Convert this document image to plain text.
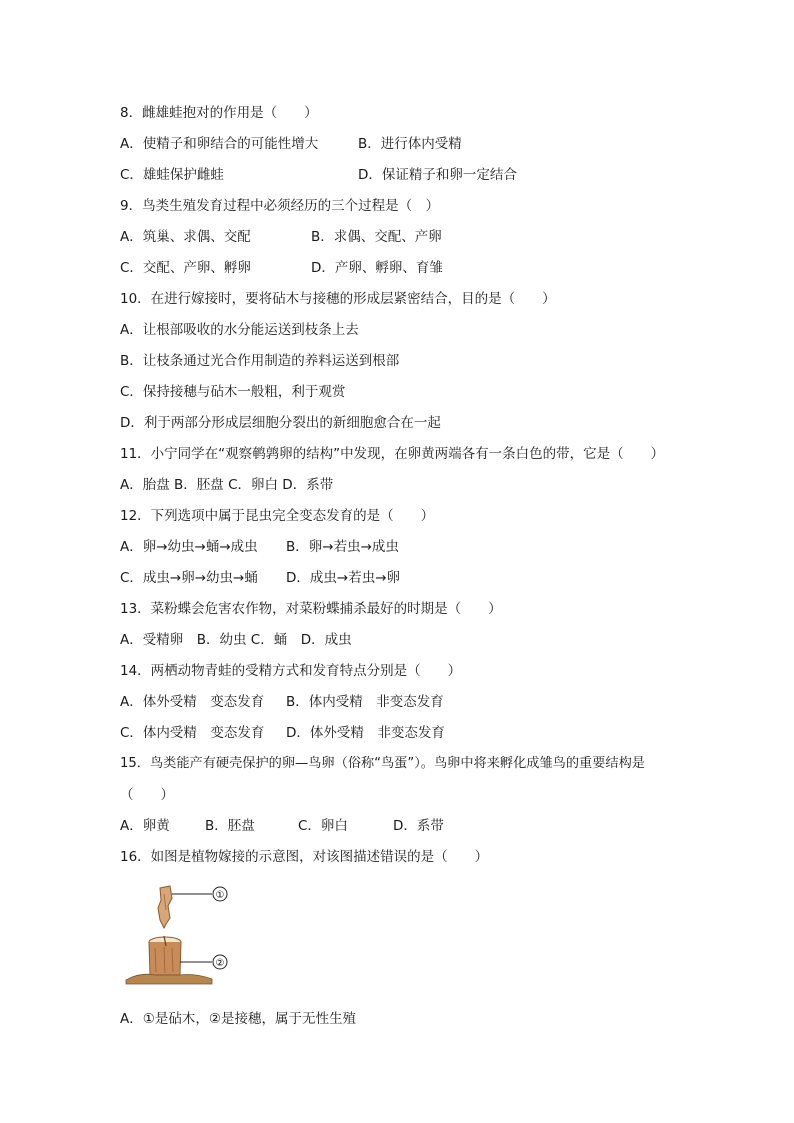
8．雌雄蛙抱对的作用是（　　）
A．使精子和卵结合的可能性增大	B．进行体内受精
C．雄蛙保护雌蛙	D．保证精子和卵一定结合
9．鸟类生殖发育过程中必须经历的三个过程是（　）
A．筑巢、求偶、交配	B．求偶、交配、产卵
C．交配、产卵、孵卵	D．产卵、孵卵、育雏
10．在进行嫁接时，要将砧木与接穗的形成层紧密结合，目的是（　　）
A．让根部吸收的水分能运送到枝条上去
B．让枝条通过光合作用制造的养料运送到根部
C．保持接穗与砧木一般粗，利于观赏
D．利于两部分形成层细胞分裂出的新细胞愈合在一起
11．小宁同学在“观察鹌鹑卵的结构”中发现，在卵黄两端各有一条白色的带，它是（　　）
A．胎盘 B．胚盘 C．卵白 D．系带
12．下列选项中属于昆虫完全变态发育的是（　　）
A．卵→幼虫→蛹→成虫 B．卵→若虫→成虫
C．成虫→卵→幼虫→蛹 D．成虫→若虫→卵
13．菜粉蝶会危害农作物，对菜粉蝶捕杀最好的时期是（　　）
A．受精卵　B．幼虫 C．蛹　D．成虫
14．两栖动物青蛙的受精方式和发育特点分别是（　　）
A．体外受精　变态发育 B．体内受精　非变态发育
C．体内受精　变态发育 D．体外受精　非变态发育
15．鸟类能产有硬壳保护的卵—鸟卵（俗称“鸟蛋”）。鸟卵中将来孵化成雏鸟的重要结构是
（　　）
A．卵黄	B．胚盘	C．卵白	D．系带
16．如图是植物嫁接的示意图，对该图描述错误的是（　　）
①
②
A．①是砧木，②是接穗，属于无性生殖
